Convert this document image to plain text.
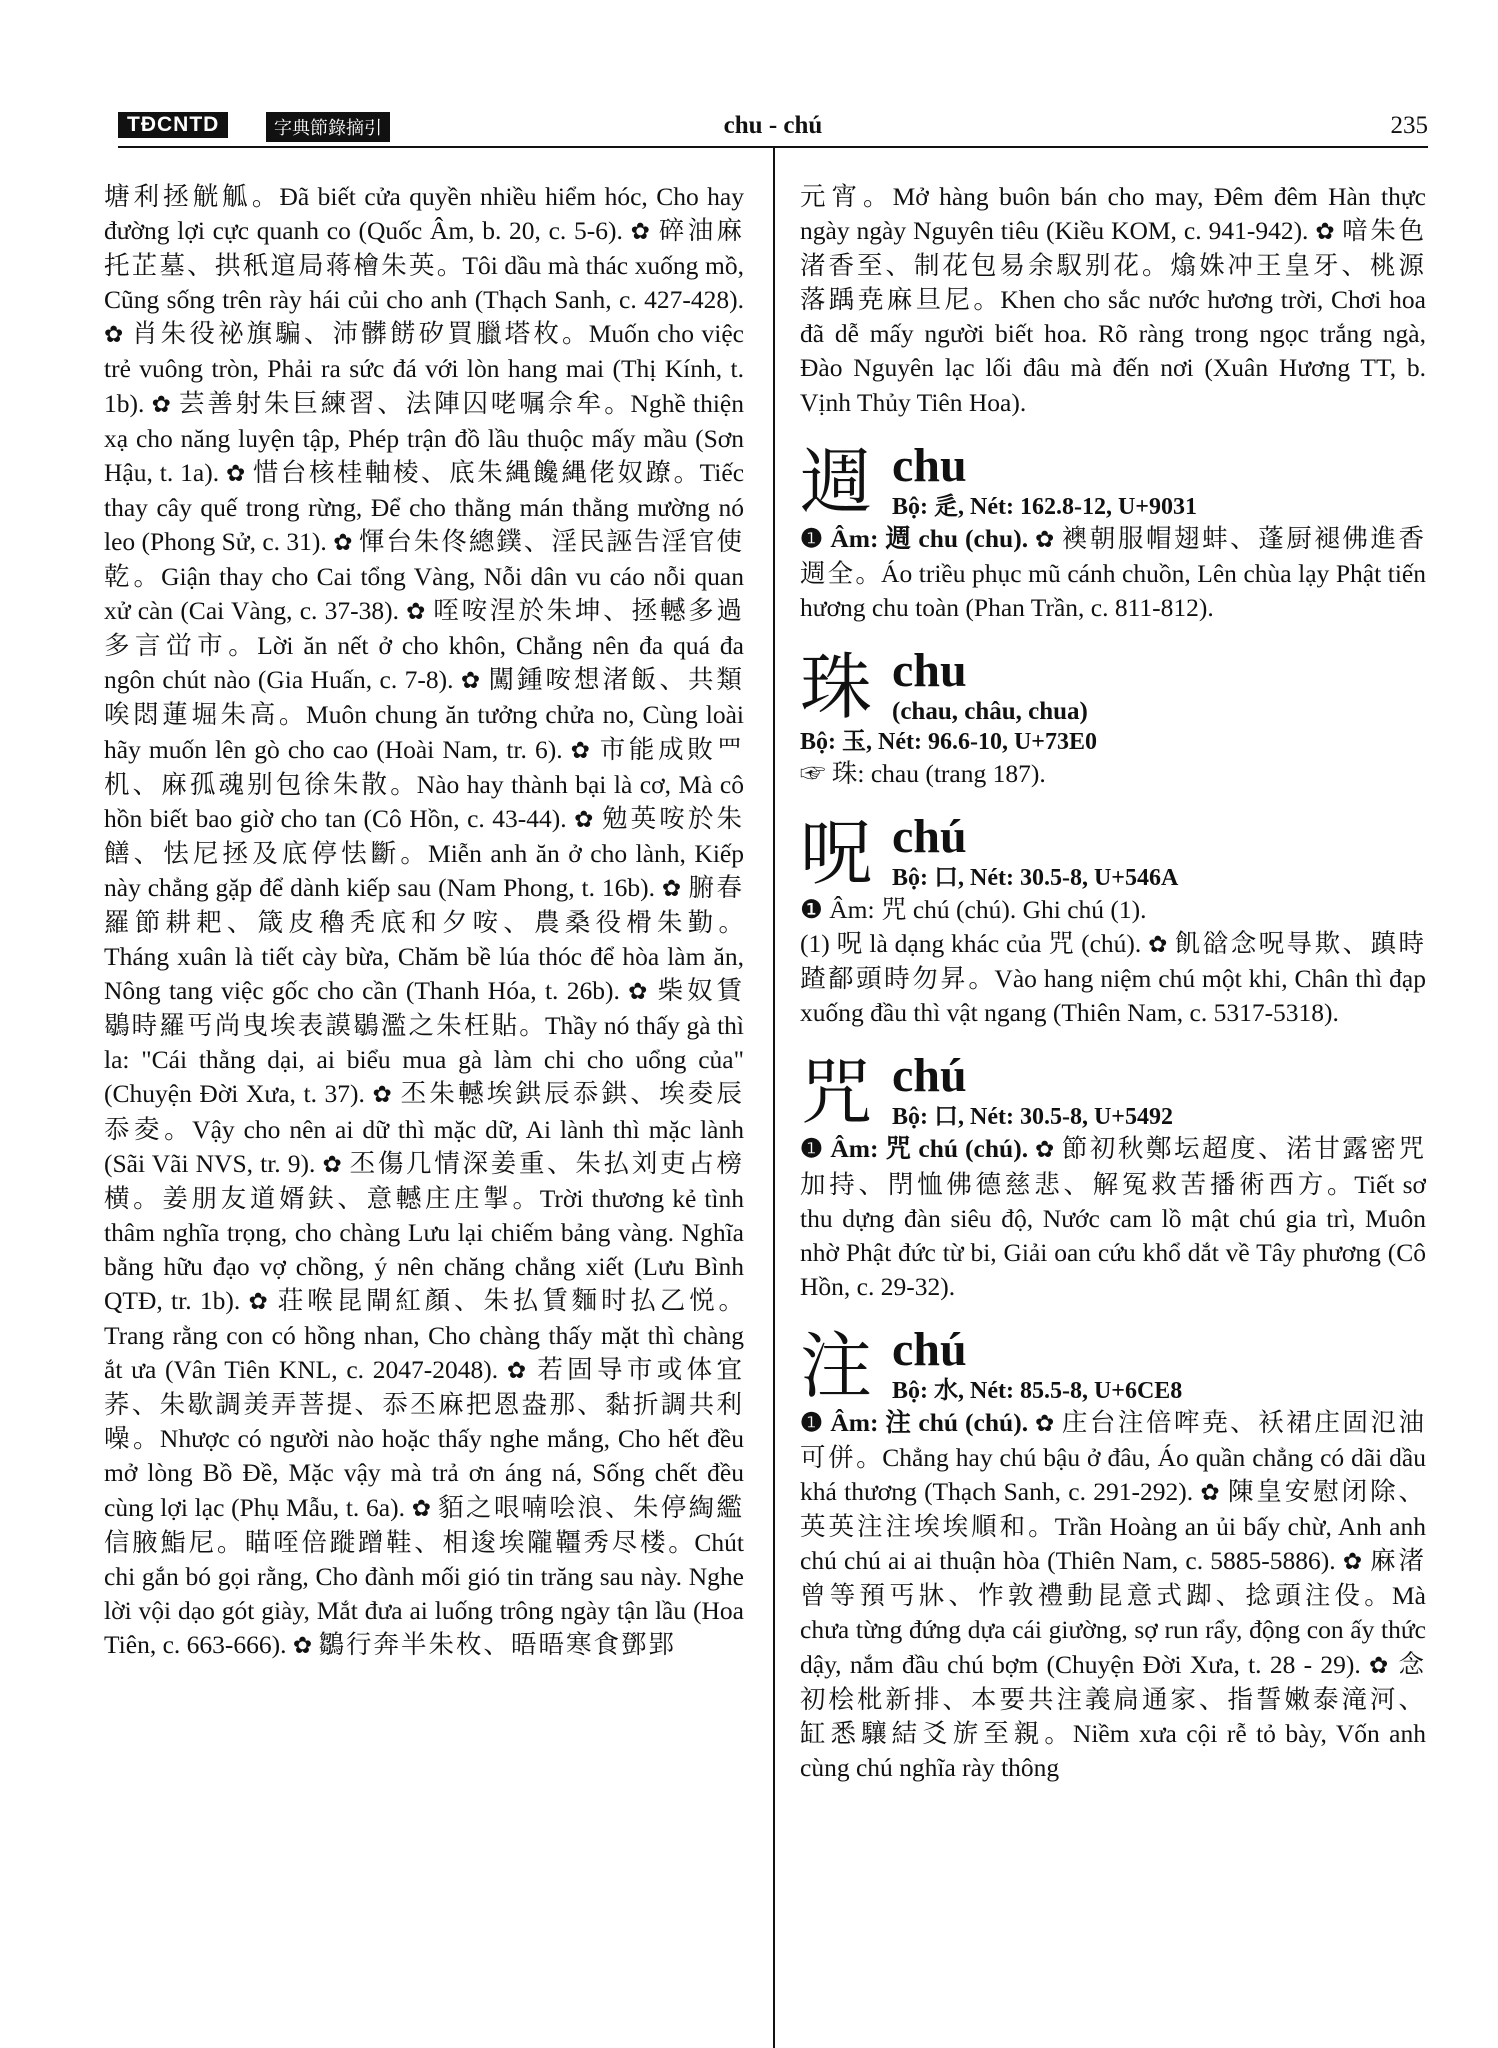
TĐCNTD	字典節錄摘引	chu - chú	235

塘利拯觥觚。Đã biết cửa quyền nhiều hiểm hóc, Cho hay đường lợi cực quanh co (Quốc Âm, b. 20, c. 5-6). ✿ 碎油麻托芷墓、拱秖逭局蒋檜朱英。Tôi dầu mà thác xuống mồ, Cũng sống trên rày hái củi cho anh (Thạch Sanh, c. 427-428). ✿ 肖朱役祕旗騙、沛髒餝矽買臘塔枚。Muốn cho việc trẻ vuông tròn, Phải ra sức đá với lòn hang mai (Thị Kính, t. 1b). ✿ 芸善射朱巨練習、法陣囚咾嘱佘牟。Nghề thiện xạ cho năng luyện tập, Phép trận đồ lầu thuộc mấy mầu (Sơn Hậu, t. 1a). ✿ 惜台核桂軸棱、底朱縄饞縄佬奴蹽。Tiếc thay cây quế trong rừng, Để cho thằng mán thằng mường nó leo (Phong Sử, c. 31). ✿ 惲台朱佟總鏷、淫民誣告淫官使乾。Giận thay cho Cai tổng Vàng, Nỗi dân vu cáo nỗi quan xử càn (Cai Vàng, c. 37-38). ✿ 咥咹涅於朱坤、拯轗多過多言峃市。Lời ăn nết ở cho khôn, Chẳng nên đa quá đa ngôn chút nào (Gia Huấn, c. 7-8). ✿ 闖鍾咹想渚飯、共類唉悶蓮堀朱高。Muôn chung ăn tưởng chửa no, Cùng loài hãy muốn lên gò cho cao (Hoài Nam, tr. 6). ✿ 市能成敗罒机、麻孤魂别包徐朱散。Nào hay thành bại là cơ, Mà cô hồn biết bao giờ cho tan (Cô Hồn, c. 43-44). ✿ 勉英咹於朱饍、怯尼拯及底停怯斷。Miễn anh ăn ở cho lành, Kiếp này chẳng gặp để dành kiếp sau (Nam Phong, t. 16b). ✿ 腑春羅節耕耙、箴皮穭秃底和夕咹、農桑役榾朱勤。Tháng xuân là tiết cày bừa, Chăm bề lúa thóc để hòa làm ăn, Nông tang việc gốc cho cần (Thanh Hóa, t. 26b). ✿ 柴奴賃鶡時羅丐尚曳埃表謨鶡濫之朱枉貼。Thầy nó thấy gà thì la: "Cái thằng dại, ai biểu mua gà làm chi cho uổng của" (Chuyện Đời Xưa, t. 37). ✿ 丕朱轗埃鉷辰忝鉷、埃夌辰忝夌。Vậy cho nên ai dữ thì mặc dữ, Ai lành thì mặc lành (Sãi Vãi NVS, tr. 9). ✿ 丕傷几情深姜重、朱払刘吏占榜横。姜朋友道婿鈇、意轗庄庄掣。Trời thương kẻ tình thâm nghĩa trọng, cho chàng Lưu lại chiếm bảng vàng. Nghĩa bằng hữu đạo vợ chồng, ý nên chăng chẳng xiết (Lưu Bình QTĐ, tr. 1b). ✿ 荘喉昆閘紅顏、朱払賃麵时払乙悦。Trang rằng con có hồng nhan, Cho chàng thấy mặt thì chàng ắt ưa (Vân Tiên KNL, c. 2047-2048). ✿ 若固导市或体宜荞、朱歇調羙弄菩提、忝丕麻把恩盎那、黏折調共利噪。Nhược có người nào hoặc thấy nghe mắng, Cho hết đều mở lòng Bồ Đề, Mặc vậy mà trả ơn áng ná, Sống chết đều cùng lợi lạc (Phụ Mẫu, t. 6a). ✿ 貊之哏喃哙浪、朱停綯繿信腋鮨尼。瞄咥倍蹝蹭鞋、相逡埃隴韁秀尽楼。Chút chi gắn bó gọi rằng, Cho đành mối gió tin trăng sau này. Nghe lời vội dạo gót giày, Mắt đưa ai luống trông ngày tận lầu (Hoa Tiên, c. 663-666). ✿ 鶵行奔半朱枚、晤晤寒食鄧郢

元宵。Mở hàng buôn bán cho may, Đêm đêm Hàn thực ngày ngày Nguyên tiêu (Kiều KOM, c. 941-942). ✿ 喑朱色渚香至、制花包易余馭别花。熻姝冲王皇牙、桃源落踽尭麻旦尼。Khen cho sắc nước hương trời, Chơi hoa đã dễ mấy người biết hoa. Rõ ràng trong ngọc trắng ngà, Đào Nguyên lạc lối đâu mà đến nơi (Xuân Hương TT, b. Vịnh Thủy Tiên Hoa).

週 chu
Bộ: 辵, Nét: 162.8-12, U+9031

❶ Âm: 週 chu (chu). ✿ 襖朝服帽翅蚌、蓬厨褪佛進香週全。Áo triều phục mũ cánh chuồn, Lên chùa lạy Phật tiến hương chu toàn (Phan Trần, c. 811-812).

珠 chu
(chau, châu, chua)
Bộ: 玉, Nét: 96.6-10, U+73E0

☞ 珠: chau (trang 187).

呪 chú
Bộ: 口, Nét: 30.5-8, U+546A

❶ Âm: 咒 chú (chú). Ghi chú (1).

(1) 呪 là dạng khác của 咒 (chú). ✿ 飢谽念呪㝵欺、蹎時蹅鄐頭時勿昇。Vào hang niệm chú một khi, Chân thì đạp xuống đầu thì vật ngang (Thiên Nam, c. 5317-5318).

咒 chú
Bộ: 口, Nét: 30.5-8, U+5492

❶ Âm: 咒 chú (chú). ✿ 節初秋鄭坛超度、渃甘露密咒加持、閅恤佛德慈悲、解冤救苦播術西方。Tiết sơ thu dựng đàn siêu độ, Nước cam lồ mật chú gia trì, Muôn nhờ Phật đức từ bi, Giải oan cứu khổ dắt về Tây phương (Cô Hồn, c. 29-32).

注 chú
Bộ: 水, Nét: 85.5-8, U+6CE8

❶ Âm: 注 chú (chú). ✿ 庄台注倍哰尭、袄裙庄固氾油可併。Chẳng hay chú bậu ở đâu, Áo quần chẳng có dãi dầu khá thương (Thạch Sanh, c. 291-292). ✿ 陳皇安慰闭除、英英注注埃埃順和。Trần Hoàng an ủi bấy chừ, Anh anh chú chú ai ai thuận hòa (Thiên Nam, c. 5885-5886). ✿ 麻渚曾等預丐牀、怍敦禮動昆意式踋、捻頭注伇。Mà chưa từng đứng dựa cái giường, sợ run rẩy, động con ấy thức dậy, nắm đầu chú bợm (Chuyện Đời Xưa, t. 28 - 29). ✿ 念初桧枇新排、本要共注義扃通家、指誓嫩泰滝河、缸悉驤結爻旂至親。Niềm xưa cội rễ tỏ bày, Vốn anh cùng chú nghĩa rày thông
